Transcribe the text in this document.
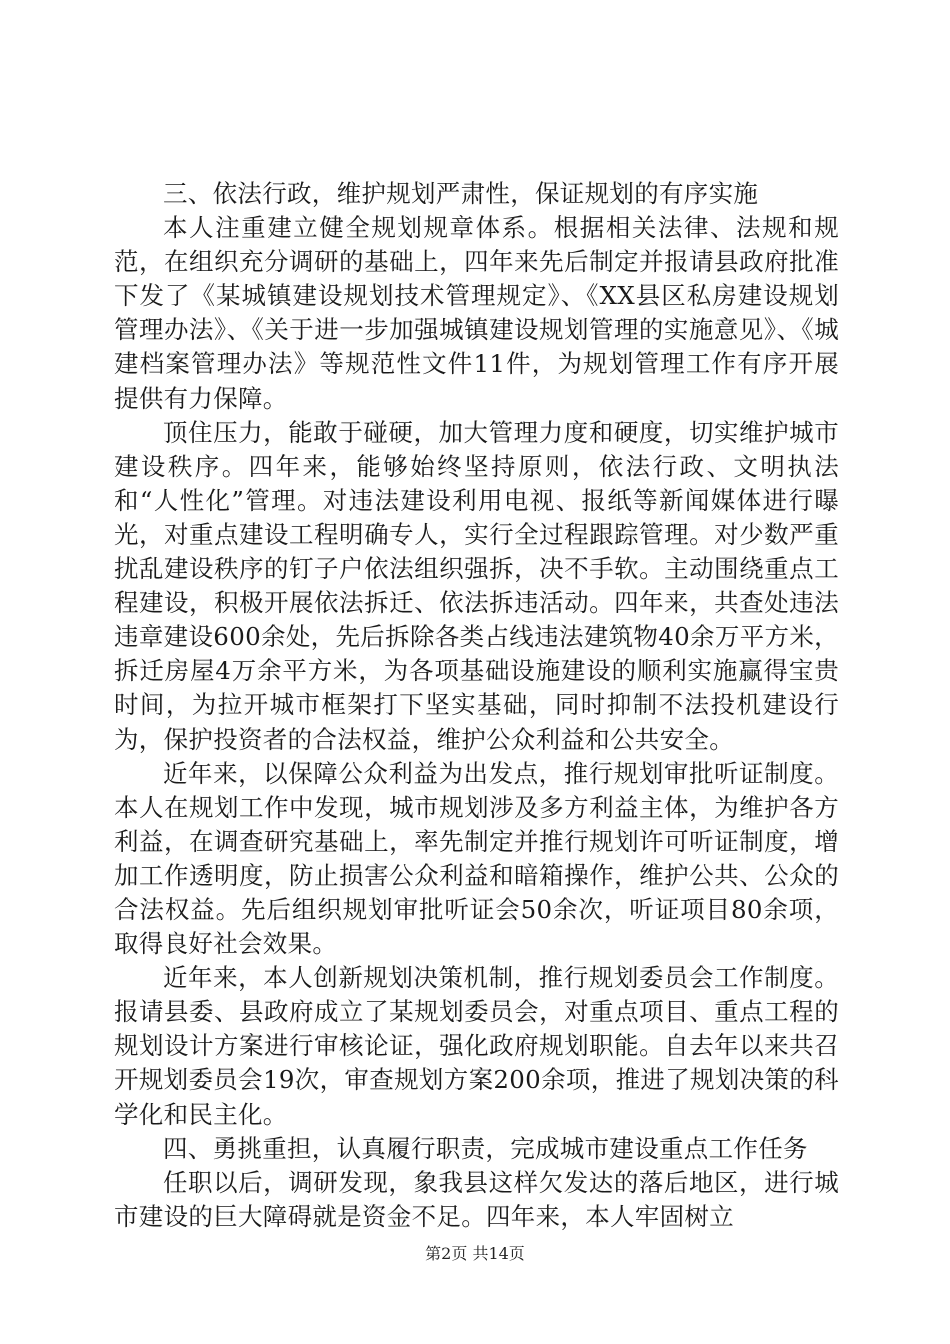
三、依法行政，维护规划严肃性，保证规划的有序实施

本人注重建立健全规划规章体系。根据相关法律、法规和规范，在组织充分调研的基础上，四年来先后制定并报请县政府批准下发了《某城镇建设规划技术管理规定》、《XX县区私房建设规划管理办法》、《关于进一步加强城镇建设规划管理的实施意见》、《城建档案管理办法》等规范性文件11件，为规划管理工作有序开展提供有力保障。

顶住压力，能敢于碰硬，加大管理力度和硬度，切实维护城市建设秩序。四年来，能够始终坚持原则，依法行政、文明执法和“人性化”管理。对违法建设利用电视、报纸等新闻媒体进行曝光，对重点建设工程明确专人，实行全过程跟踪管理。对少数严重扰乱建设秩序的钉子户依法组织强拆，决不手软。主动围绕重点工程建设，积极开展依法拆迁、依法拆违活动。四年来，共查处违法违章建设600余处，先后拆除各类占线违法建筑物40余万平方米，拆迁房屋4万余平方米，为各项基础设施建设的顺利实施赢得宝贵时间，为拉开城市框架打下坚实基础，同时抑制不法投机建设行为，保护投资者的合法权益，维护公众利益和公共安全。

近年来，以保障公众利益为出发点，推行规划审批听证制度。本人在规划工作中发现，城市规划涉及多方利益主体，为维护各方利益，在调查研究基础上，率先制定并推行规划许可听证制度，增加工作透明度，防止损害公众利益和暗箱操作，维护公共、公众的合法权益。先后组织规划审批听证会50余次，听证项目80余项，取得良好社会效果。

近年来，本人创新规划决策机制，推行规划委员会工作制度。报请县委、县政府成立了某规划委员会，对重点项目、重点工程的规划设计方案进行审核论证，强化政府规划职能。自去年以来共召开规划委员会19次，审查规划方案200余项，推进了规划决策的科学化和民主化。

四、勇挑重担，认真履行职责，完成城市建设重点工作任务

任职以后，调研发现，象我县这样欠发达的落后地区，进行城市建设的巨大障碍就是资金不足。四年来，本人牢固树立

第2页 共14页
